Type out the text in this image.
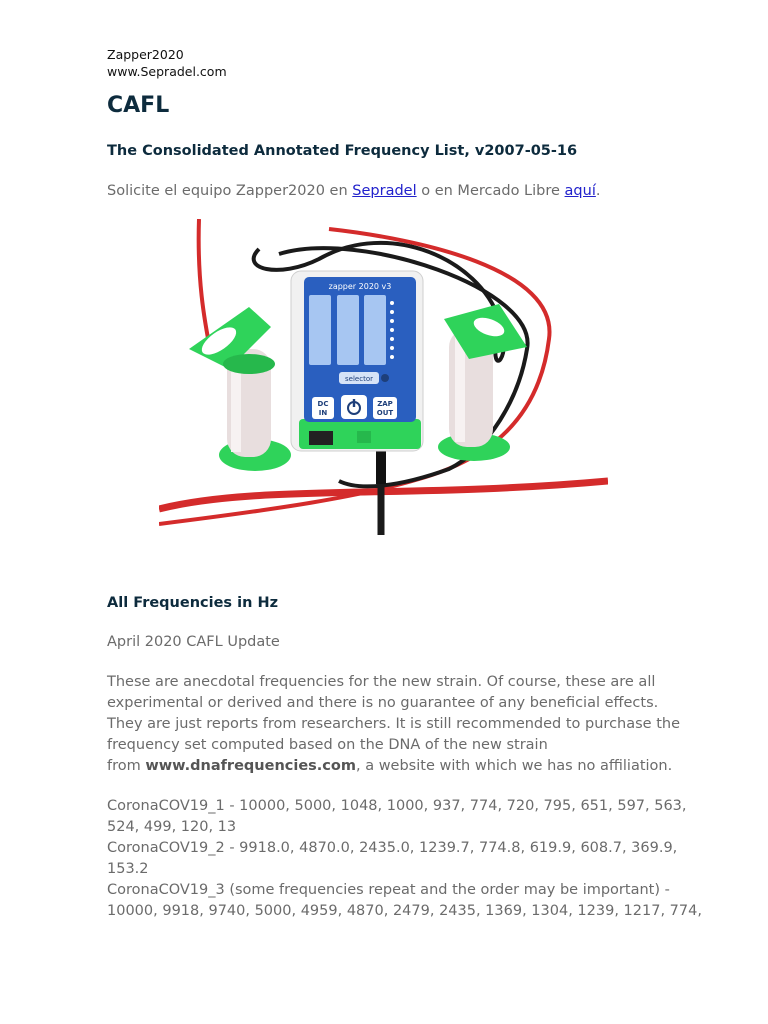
Zapper2020
www.Sepradel.com
CAFL
The Consolidated Annotated Frequency List, v2007-05-16

Solicite el equipo Zapper2020 en Sepradel o en Mercado Libre aquí.

zapper 2020 v3
selector
DC
IN
ZAP
OUT
All Frequencies in Hz

April 2020 CAFL Update

These are anecdotal frequencies for the new strain. Of course, these are all
experimental or derived and there is no guarantee of any beneficial effects.
They are just reports from researchers. It is still recommended to purchase the
frequency set computed based on the DNA of the new strain
from www.dnafrequencies.com, a website with which we has no affiliation.

CoronaCOV19_1 - 10000, 5000, 1048, 1000, 937, 774, 720, 795, 651, 597, 563,
524, 499, 120, 13
CoronaCOV19_2 - 9918.0, 4870.0, 2435.0, 1239.7, 774.8, 619.9, 608.7, 369.9,
153.2
CoronaCOV19_3 (some frequencies repeat and the order may be important) -
10000, 9918, 9740, 5000, 4959, 4870, 2479, 2435, 1369, 1304, 1239, 1217, 774,
